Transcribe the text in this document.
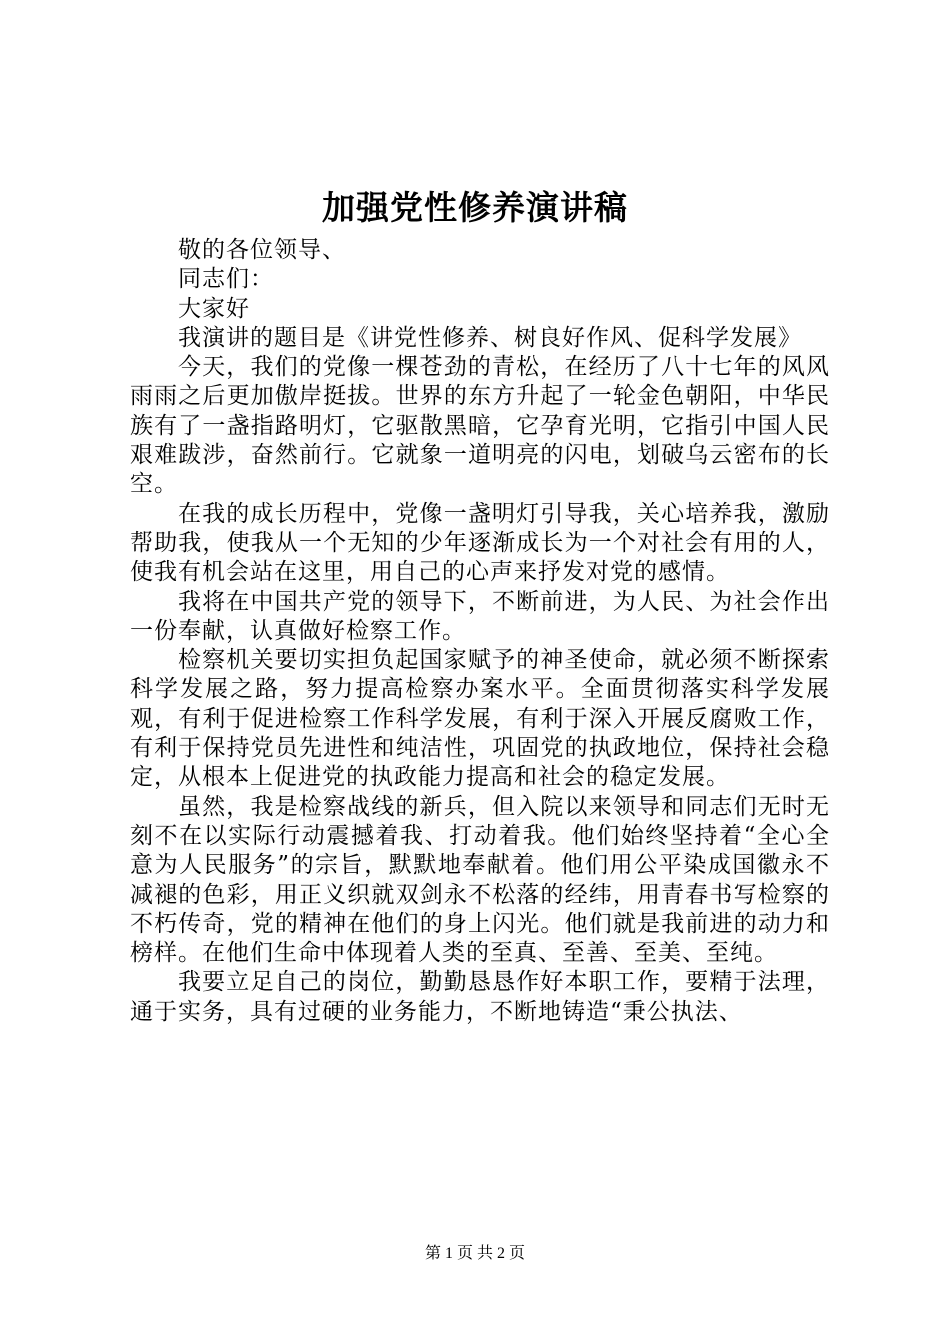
加强党性修养演讲稿

敬的各位领导、

同志们：

大家好

我演讲的题目是《讲党性修养、树良好作风、促科学发展》

今天，我们的党像一棵苍劲的青松，在经历了八十七年的风风雨雨之后更加傲岸挺拔。世界的东方升起了一轮金色朝阳，中华民族有了一盏指路明灯，它驱散黑暗，它孕育光明，它指引中国人民艰难跋涉，奋然前行。它就象一道明亮的闪电，划破乌云密布的长空。

在我的成长历程中，党像一盏明灯引导我，关心培养我，激励帮助我，使我从一个无知的少年逐渐成长为一个对社会有用的人，使我有机会站在这里，用自己的心声来抒发对党的感情。

我将在中国共产党的领导下，不断前进，为人民、为社会作出一份奉献，认真做好检察工作。

检察机关要切实担负起国家赋予的神圣使命，就必须不断探索科学发展之路，努力提高检察办案水平。全面贯彻落实科学发展观，有利于促进检察工作科学发展，有利于深入开展反腐败工作，有利于保持党员先进性和纯洁性，巩固党的执政地位，保持社会稳定，从根本上促进党的执政能力提高和社会的稳定发展。

虽然，我是检察战线的新兵，但入院以来领导和同志们无时无刻不在以实际行动震撼着我、打动着我。他们始终坚持着“全心全意为人民服务”的宗旨，默默地奉献着。他们用公平染成国徽永不减褪的色彩，用正义织就双剑永不松落的经纬，用青春书写检察的不朽传奇，党的精神在他们的身上闪光。他们就是我前进的动力和榜样。在他们生命中体现着人类的至真、至善、至美、至纯。

我要立足自己的岗位，勤勤恳恳作好本职工作，要精于法理，通于实务，具有过硬的业务能力，不断地铸造“秉公执法、

第 1 页 共 2 页
